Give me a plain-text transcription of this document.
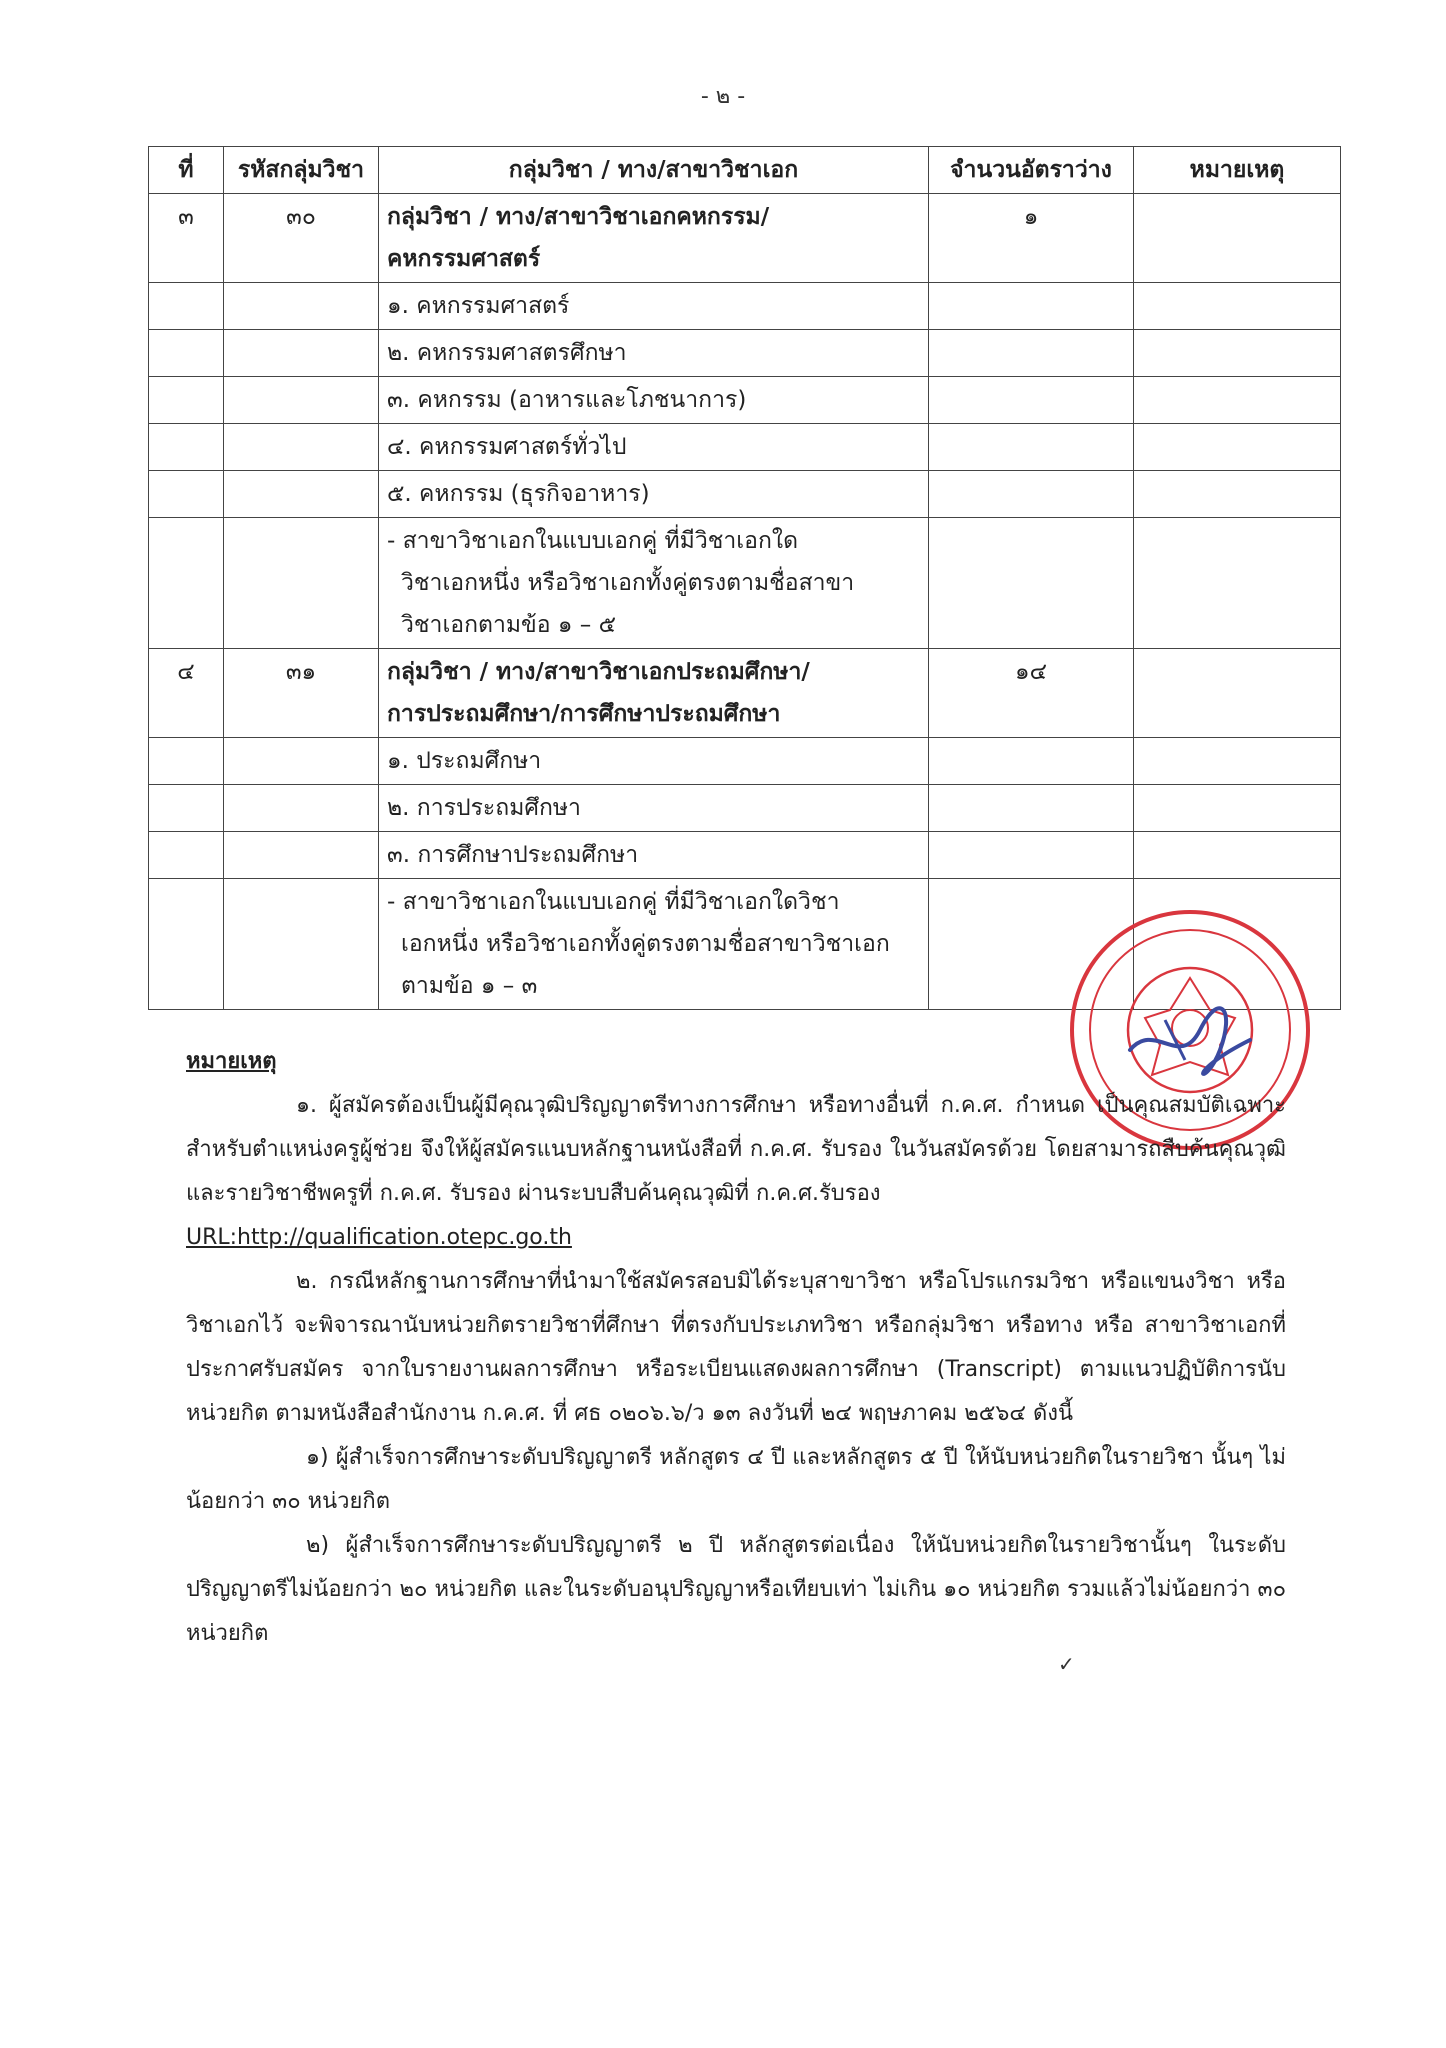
- ๒ -
ที่	รหัสกลุ่มวิชา	กลุ่มวิชา / ทาง/สาขาวิชาเอก	จำนวนอัตราว่าง	หมายเหตุ
๓	๓๐	กลุ่มวิชา / ทาง/สาขาวิชาเอกคหกรรม/
คหกรรมศาสตร์	๑	
		๑. คหกรรมศาสตร์		
		๒. คหกรรมศาสตรศึกษา		
		๓. คหกรรม (อาหารและโภชนาการ)		
		๔. คหกรรมศาสตร์ทั่วไป		
		๕. คหกรรม (ธุรกิจอาหาร)		

		- สาขาวิชาเอกในแบบเอกคู่ ที่มีวิชาเอกใด
วิชาเอกหนึ่ง หรือวิชาเอกทั้งคู่ตรงตามชื่อสาขา
วิชาเอกตามข้อ ๑ – ๕		

๔	๓๑	กลุ่มวิชา / ทาง/สาขาวิชาเอกประถมศึกษา/
การประถมศึกษา/การศึกษาประถมศึกษา	๑๔	
		๑. ประถมศึกษา		
		๒. การประถมศึกษา		
		๓. การศึกษาประถมศึกษา		

		- สาขาวิชาเอกในแบบเอกคู่ ที่มีวิชาเอกใดวิชา
เอกหนึ่ง หรือวิชาเอกทั้งคู่ตรงตามชื่อสาขาวิชาเอก
ตามข้อ ๑ – ๓		

หมายเหตุ
๑. ผู้สมัครต้องเป็นผู้มีคุณวุฒิปริญญาตรีทางการศึกษา หรือทางอื่นที่ ก.ค.ศ. กำหนด เป็นคุณสมบัติเฉพาะสำหรับตำแหน่งครูผู้ช่วย จึงให้ผู้สมัครแนบหลักฐานหนังสือที่ ก.ค.ศ. รับรอง ในวันสมัครด้วย โดยสามารถสืบค้นคุณวุฒิและรายวิชาชีพครูที่ ก.ค.ศ. รับรอง ผ่านระบบสืบค้นคุณวุฒิที่ ก.ค.ศ.รับรอง
URL:http://qualification.otepc.go.th
๒. กรณีหลักฐานการศึกษาที่นำมาใช้สมัครสอบมิได้ระบุสาขาวิชา หรือโปรแกรมวิชา หรือแขนงวิชา หรือวิชาเอกไว้ จะพิจารณานับหน่วยกิตรายวิชาที่ศึกษา ที่ตรงกับประเภทวิชา หรือกลุ่มวิชา หรือทาง หรือ สาขาวิชาเอกที่ประกาศรับสมัคร จากใบรายงานผลการศึกษา หรือระเบียนแสดงผลการศึกษา (Transcript) ตามแนวปฏิบัติการนับหน่วยกิต ตามหนังสือสำนักงาน ก.ค.ศ. ที่ ศธ ๐๒๐๖.๖/ว ๑๓ ลงวันที่ ๒๔ พฤษภาคม ๒๕๖๔ ดังนี้
๑) ผู้สำเร็จการศึกษาระดับปริญญาตรี หลักสูตร ๔ ปี และหลักสูตร ๕ ปี ให้นับหน่วยกิตในรายวิชา นั้นๆ ไม่น้อยกว่า ๓๐ หน่วยกิต
๒) ผู้สำเร็จการศึกษาระดับปริญญาตรี ๒ ปี หลักสูตรต่อเนื่อง ให้นับหน่วยกิตในรายวิชานั้นๆ ในระดับปริญญาตรีไม่น้อยกว่า ๒๐ หน่วยกิต และในระดับอนุปริญญาหรือเทียบเท่า ไม่เกิน ๑๐ หน่วยกิต รวมแล้วไม่น้อยกว่า ๓๐ หน่วยกิต
✓
